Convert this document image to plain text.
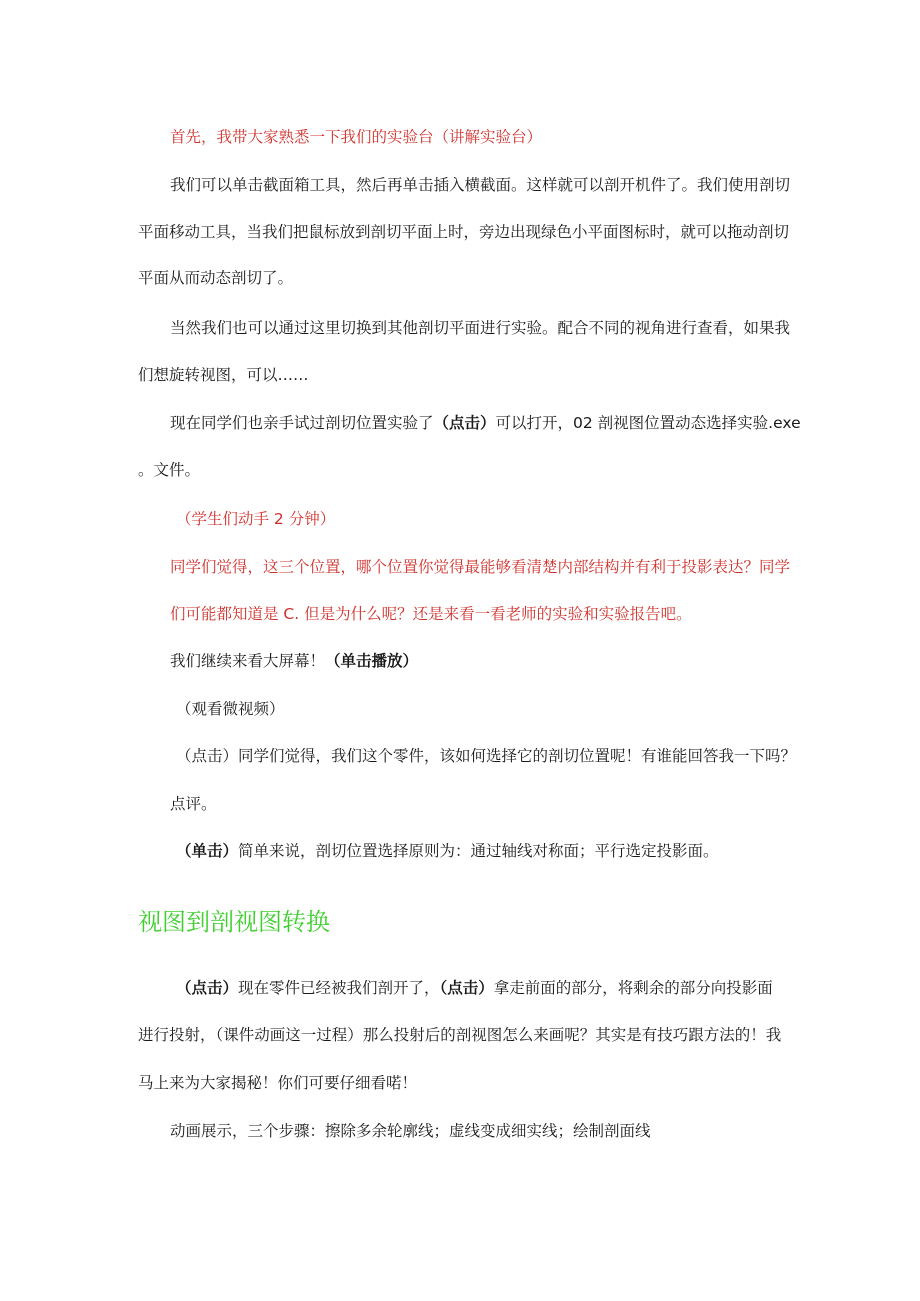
首先，我带大家熟悉一下我们的实验台（讲解实验台）

我们可以单击截面箱工具，然后再单击插入横截面。这样就可以剖开机件了。我们使用剖切

平面移动工具，当我们把鼠标放到剖切平面上时，旁边出现绿色小平面图标时，就可以拖动剖切

平面从而动态剖切了。

当然我们也可以通过这里切换到其他剖切平面进行实验。配合不同的视角进行查看，如果我

们想旋转视图，可以……

现在同学们也亲手试过剖切位置实验了（点击）可以打开，02 剖视图位置动态选择实验.exe

。文件。

（学生们动手 2 分钟）

同学们觉得，这三个位置，哪个位置你觉得最能够看清楚内部结构并有利于投影表达？同学

们可能都知道是 C. 但是为什么呢？还是来看一看老师的实验和实验报告吧。

我们继续来看大屏幕！（单击播放）

（观看微视频）

（点击）同学们觉得，我们这个零件，该如何选择它的剖切位置呢！有谁能回答我一下吗？

点评。

（单击）简单来说，剖切位置选择原则为：通过轴线对称面；平行选定投影面。

视图到剖视图转换

（点击）现在零件已经被我们剖开了，（点击）拿走前面的部分，将剩余的部分向投影面

进行投射，（课件动画这一过程）那么投射后的剖视图怎么来画呢？其实是有技巧跟方法的！我

马上来为大家揭秘！你们可要仔细看喏！

动画展示，三个步骤：擦除多余轮廓线；虚线变成细实线；绘制剖面线
